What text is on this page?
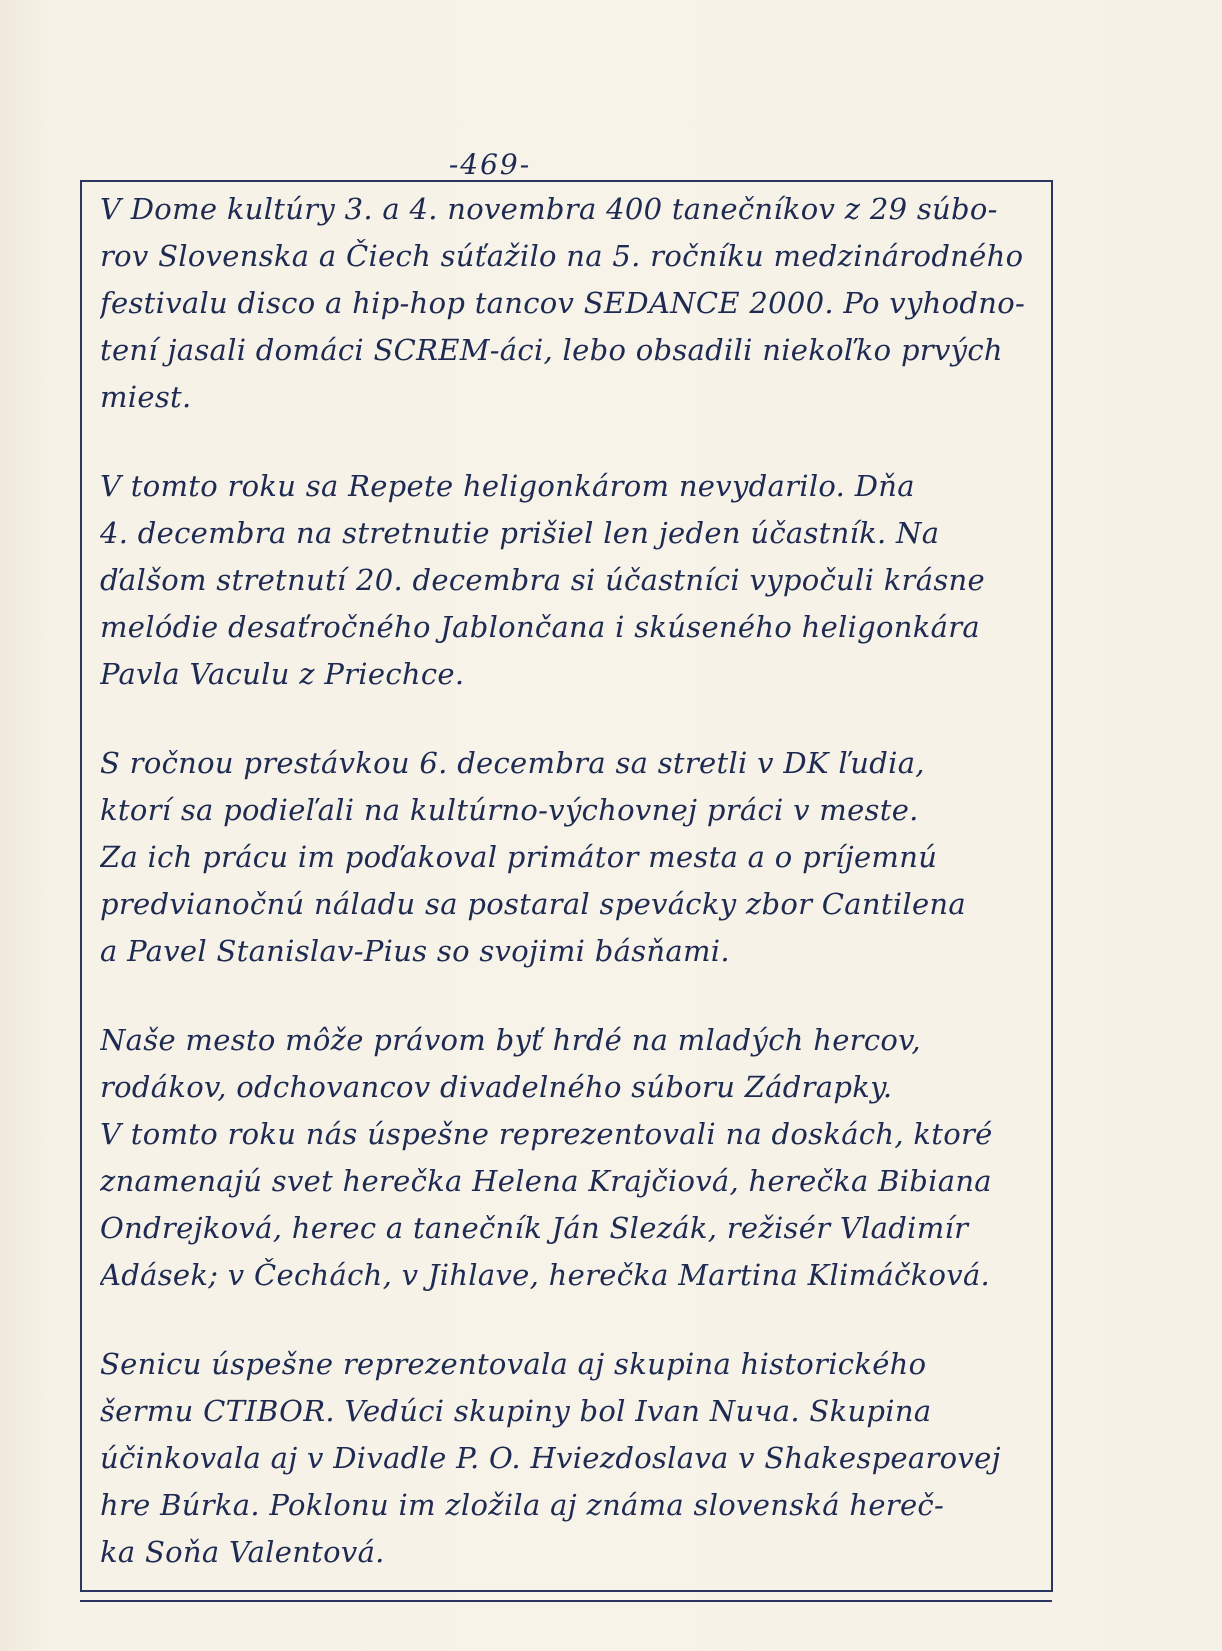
-469-
V Dome kultúry 3. a 4. novembra 400 tanečníkov z 29 súbo-
rov Slovenska a Čiech súťažilo na 5. ročníku medzinárodného
festivalu disco a hip-hop tancov SEDANCE 2000. Po vyhodno-
tení jasali domáci SCREM-áci, lebo obsadili niekoľko prvých
miest.
V tomto roku sa Repete heligonkárom nevydarilo. Dňa
4. decembra na stretnutie prišiel len jeden účastník. Na
ďalšom stretnutí 20. decembra si účastníci vypočuli krásne
melódie desaťročného Jablončana i skúseného heligonkára
Pavla Vaculu z Priechce.
S ročnou prestávkou 6. decembra sa stretli v DK ľudia,
ktorí sa podieľali na kultúrno-výchovnej práci v meste.
Za ich prácu im poďakoval primátor mesta a o príjemnú
predvianočnú náladu sa postaral spevácky zbor Cantilena
a Pavel Stanislav-Pius so svojimi básňami.
Naše mesto môže právom byť hrdé na mladých hercov,
rodákov, odchovancov divadelného súboru Zádrapky.
V tomto roku nás úspešne reprezentovali na doskách, ktoré
znamenajú svet herečka Helena Krajčiová, herečka Bibiana
Ondrejková, herec a tanečník Ján Slezák, režisér Vladimír
Adásek; v Čechách, v Jihlave, herečka Martina Klimáčková.
Senicu úspešne reprezentovala aj skupina historického
šermu CTIBOR. Vedúci skupiny bol Ivan Nича. Skupina
účinkovala aj v Divadle P. O. Hviezdoslava v Shakespearovej
hre Búrka. Poklonu im zložila aj známa slovenská hereč-
ka Soňa Valentová.
